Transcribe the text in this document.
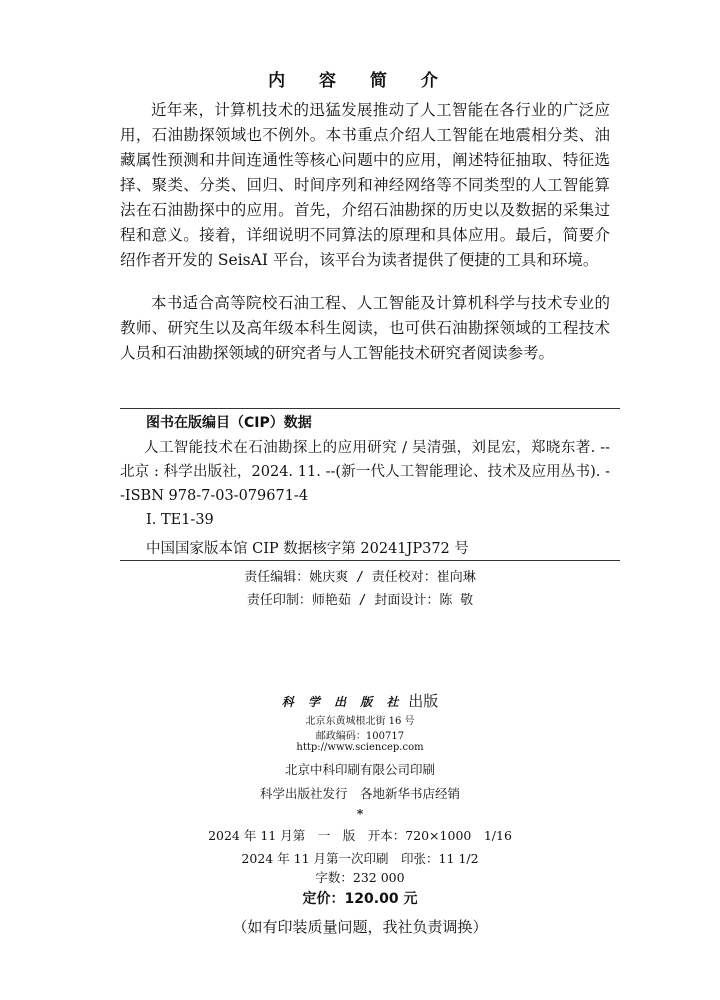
内 容 简 介

近年来，计算机技术的迅猛发展推动了人工智能在各行业的广泛应用，石油勘探领域也不例外。本书重点介绍人工智能在地震相分类、油藏属性预测和井间连通性等核心问题中的应用，阐述特征抽取、特征选择、聚类、分类、回归、时间序列和神经网络等不同类型的人工智能算法在石油勘探中的应用。首先，介绍石油勘探的历史以及数据的采集过程和意义。接着，详细说明不同算法的原理和具体应用。最后，简要介绍作者开发的 SeisAI 平台，该平台为读者提供了便捷的工具和环境。

本书适合高等院校石油工程、人工智能及计算机科学与技术专业的教师、研究生以及高年级本科生阅读，也可供石油勘探领域的工程技术人员和石油勘探领域的研究者与人工智能技术研究者阅读参考。

图书在版编目（CIP）数据

人工智能技术在石油勘探上的应用研究 / 吴清强，刘昆宏，郑晓东著. --北京 : 科学出版社，2024. 11. --(新一代人工智能理论、技术及应用丛书). --ISBN 978-7-03-079671-4

Ⅰ. TE1-39
中国国家版本馆 CIP 数据核字第 20241JP372 号
责任编辑：姚庆爽 / 责任校对：崔向琳
责任印制：师艳茹 / 封面设计：陈 敬
科 学 出 版 社 出版
北京东黄城根北街 16 号
邮政编码：100717
http://www.sciencep.com
北京中科印刷有限公司印刷
科学出版社发行　各地新华书店经销
*
2024 年 11 月第　一　版　开本：720×1000　1/16
2024 年 11 月第一次印刷　印张：11 1/2
字数：232 000
定价：120.00 元
（如有印装质量问题，我社负责调换）
